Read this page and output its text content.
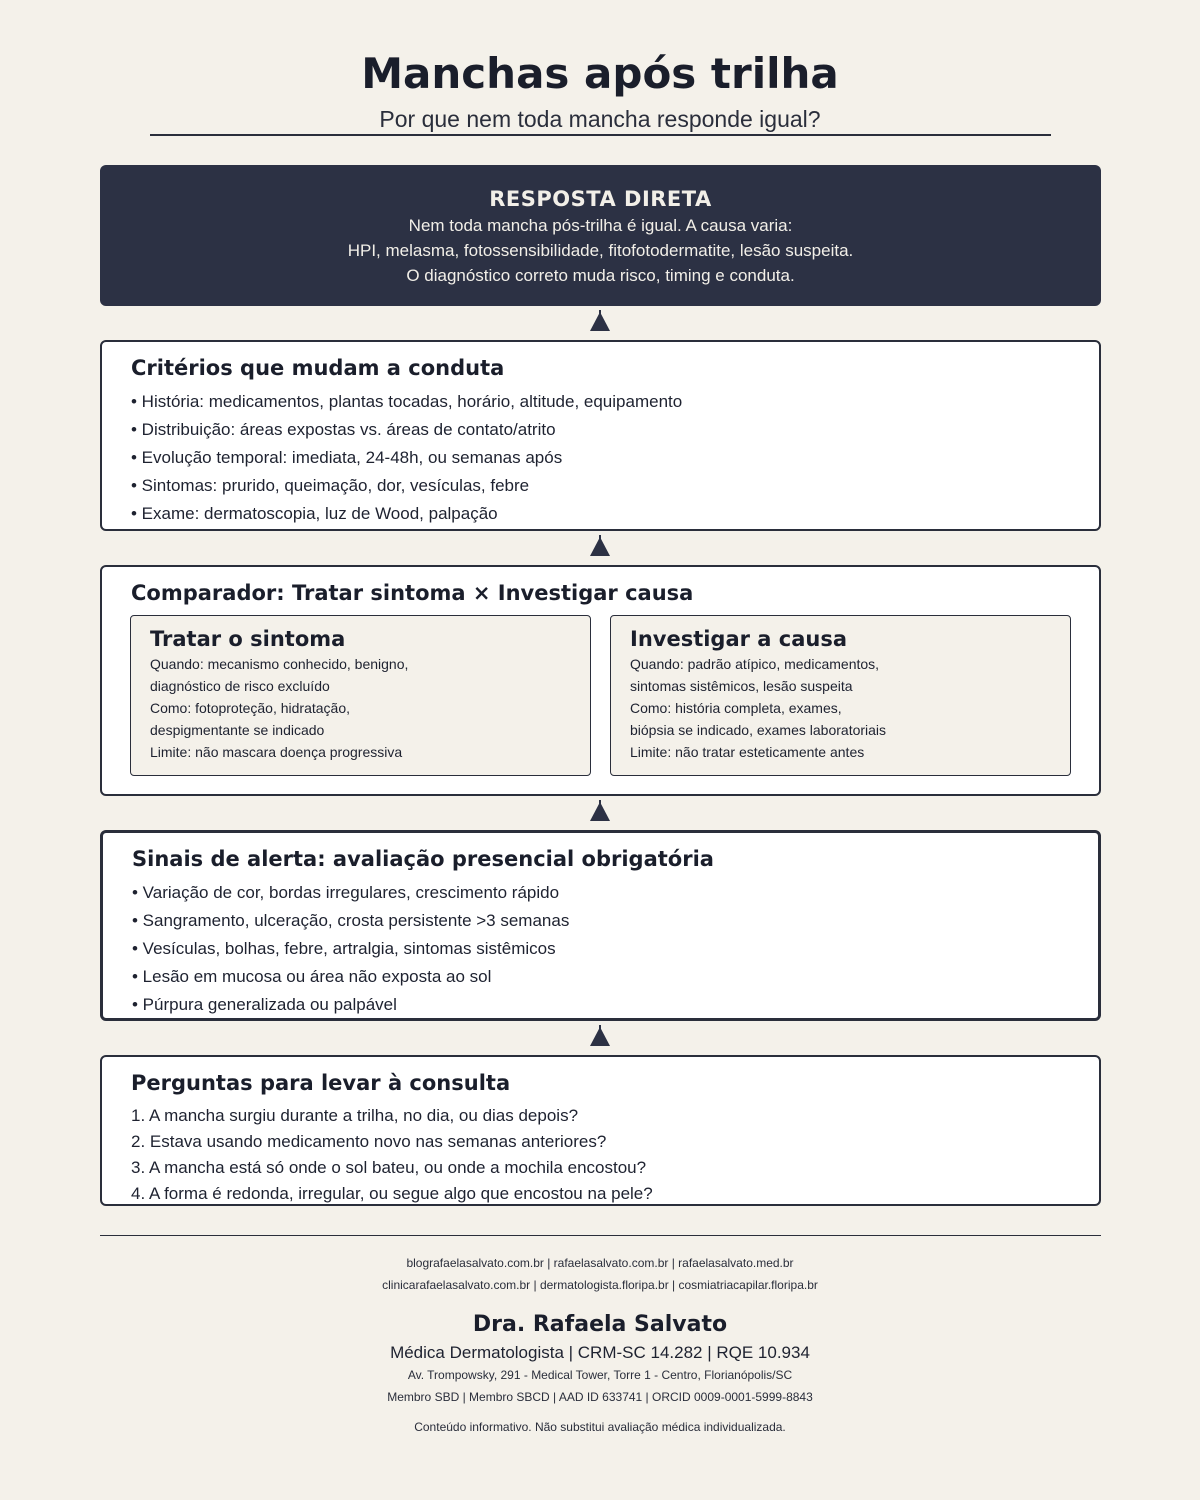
Manchas após trilha
Por que nem toda mancha responde igual?
RESPOSTA DIRETA
Nem toda mancha pós-trilha é igual. A causa varia:
HPI, melasma, fotossensibilidade, fitofotodermatite, lesão suspeita.
O diagnóstico correto muda risco, timing e conduta.
Critérios que mudam a conduta
• História: medicamentos, plantas tocadas, horário, altitude, equipamento
• Distribuição: áreas expostas vs. áreas de contato/atrito
• Evolução temporal: imediata, 24-48h, ou semanas após
• Sintomas: prurido, queimação, dor, vesículas, febre
• Exame: dermatoscopia, luz de Wood, palpação
Comparador: Tratar sintoma × Investigar causa
Tratar o sintoma
Quando: mecanismo conhecido, benigno,
diagnóstico de risco excluído
Como: fotoproteção, hidratação,
despigmentante se indicado
Limite: não mascara doença progressiva
Investigar a causa
Quando: padrão atípico, medicamentos,
sintomas sistêmicos, lesão suspeita
Como: história completa, exames,
biópsia se indicado, exames laboratoriais
Limite: não tratar esteticamente antes
Sinais de alerta: avaliação presencial obrigatória
• Variação de cor, bordas irregulares, crescimento rápido
• Sangramento, ulceração, crosta persistente >3 semanas
• Vesículas, bolhas, febre, artralgia, sintomas sistêmicos
• Lesão em mucosa ou área não exposta ao sol
• Púrpura generalizada ou palpável
Perguntas para levar à consulta
1. A mancha surgiu durante a trilha, no dia, ou dias depois?
2. Estava usando medicamento novo nas semanas anteriores?
3. A mancha está só onde o sol bateu, ou onde a mochila encostou?
4. A forma é redonda, irregular, ou segue algo que encostou na pele?
blografaelasalvato.com.br | rafaelasalvato.com.br | rafaelasalvato.med.br
clinicarafaelasalvato.com.br | dermatologista.floripa.br | cosmiatriacapilar.floripa.br
Dra. Rafaela Salvato
Médica Dermatologista | CRM-SC 14.282 | RQE 10.934
Av. Trompowsky, 291 - Medical Tower, Torre 1 - Centro, Florianópolis/SC
Membro SBD | Membro SBCD | AAD ID 633741 | ORCID 0009-0001-5999-8843
Conteúdo informativo. Não substitui avaliação médica individualizada.
